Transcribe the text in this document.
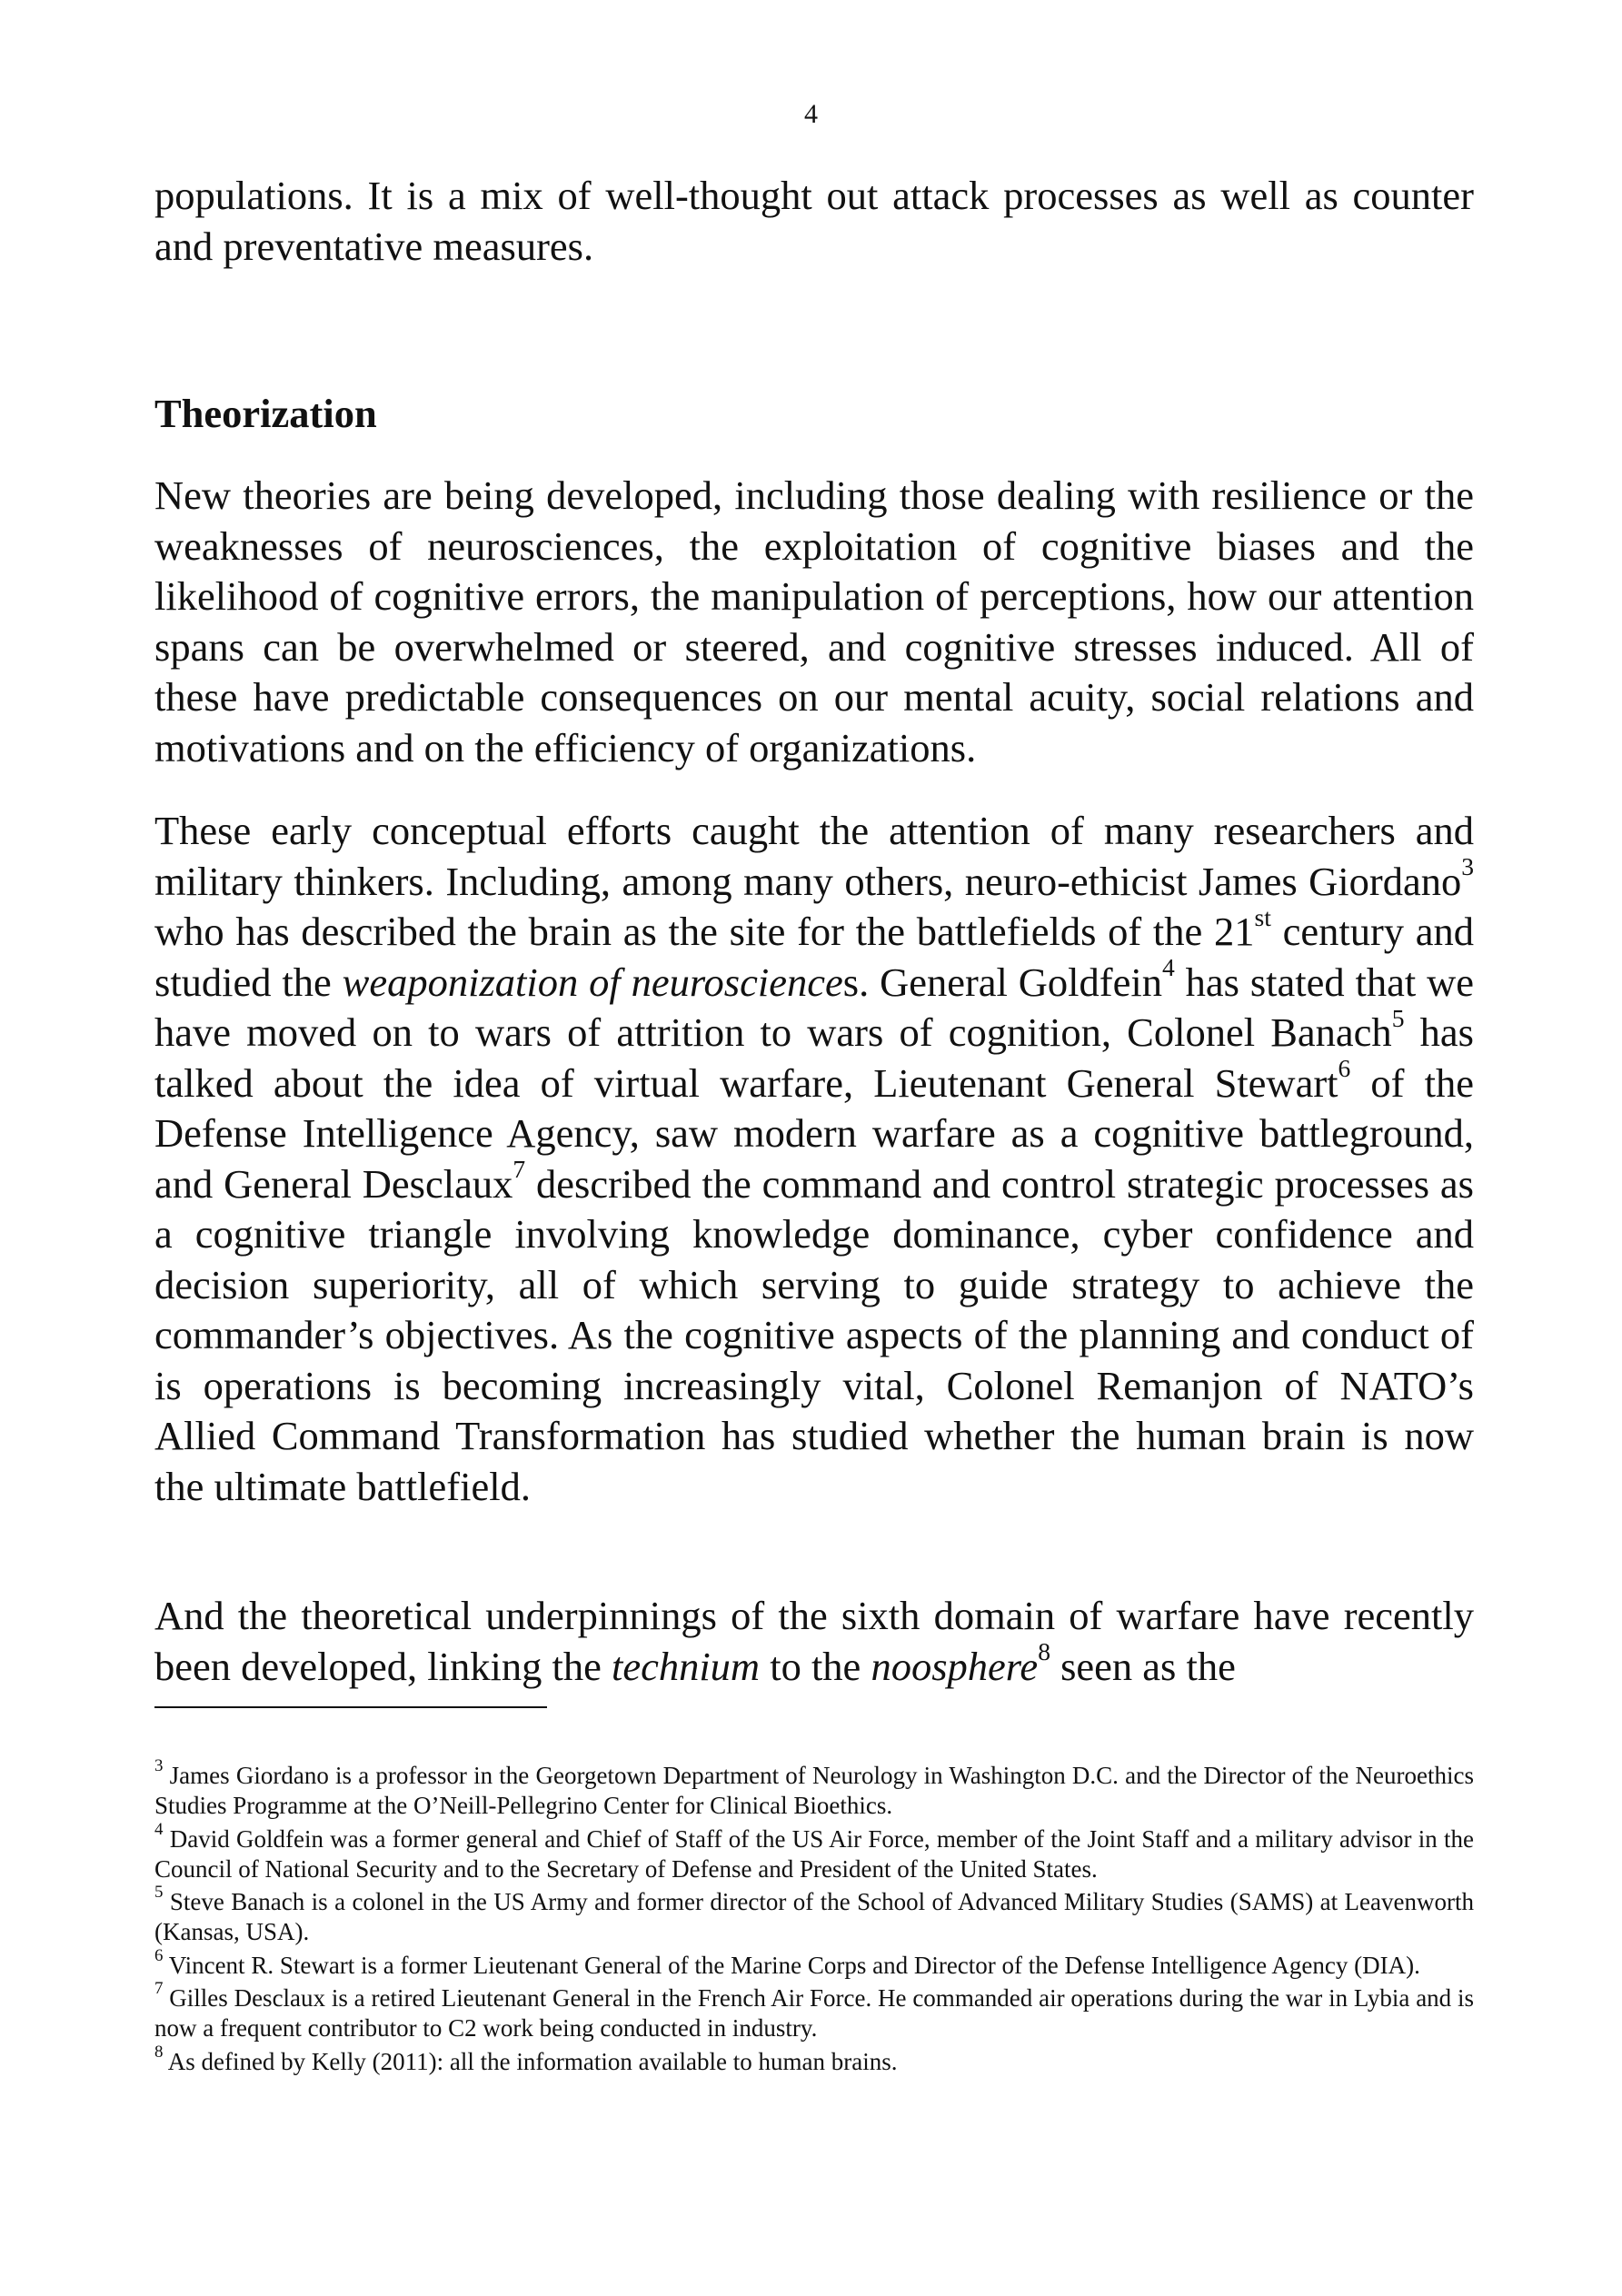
4

populations. It is a mix of well-thought out attack processes as well as counter and preventative measures.

Theorization

New theories are being developed, including those dealing with resilience or the weaknesses of neurosciences, the exploitation of cognitive biases and the likelihood of cognitive errors, the manipulation of perceptions, how our attention spans can be overwhelmed or steered, and cognitive stresses induced. All of these have predictable consequences on our mental acuity, social relations and motivations and on the efficiency of organizations.

These early conceptual efforts caught the attention of many researchers and military thinkers. Including, among many others, neuro-ethicist James Giordano$^3$ who has described the brain as the site for the battlefields of the 21st century and studied the weaponization of neurosciences. General Goldfein$^4$ has stated that we have moved on to wars of attrition to wars of cognition, Colonel Banach$^5$ has talked about the idea of virtual warfare, Lieutenant General Stewart$^6$ of the Defense Intelligence Agency, saw modern warfare as a cognitive battleground, and General Desclaux$^7$ described the command and control strategic processes as a cognitive triangle involving knowledge dominance, cyber confidence and decision superiority, all of which serving to guide strategy to achieve the commander’s objectives. As the cognitive aspects of the planning and conduct of is operations is becoming increasingly vital, Colonel Remanjon of NATO’s Allied Command Transformation has studied whether the human brain is now the ultimate battlefield.

And the theoretical underpinnings of the sixth domain of warfare have recently been developed, linking the technium to the noosphere$^8$ seen as the

$^3$ James Giordano is a professor in the Georgetown Department of Neurology in Washington D.C. and the Director of the Neuroethics Studies Programme at the O’Neill-Pellegrino Center for Clinical Bioethics.

$^4$ David Goldfein was a former general and Chief of Staff of the US Air Force, member of the Joint Staff and a military advisor in the Council of National Security and to the Secretary of Defense and President of the United States.

$^5$ Steve Banach is a colonel in the US Army and former director of the School of Advanced Military Studies (SAMS) at Leavenworth (Kansas, USA).

$^6$ Vincent R. Stewart is a former Lieutenant General of the Marine Corps and Director of the Defense Intelligence Agency (DIA).

$^7$ Gilles Desclaux is a retired Lieutenant General in the French Air Force. He commanded air operations during the war in Lybia and is now a frequent contributor to C2 work being conducted in industry.

$^8$ As defined by Kelly (2011): all the information available to human brains.
